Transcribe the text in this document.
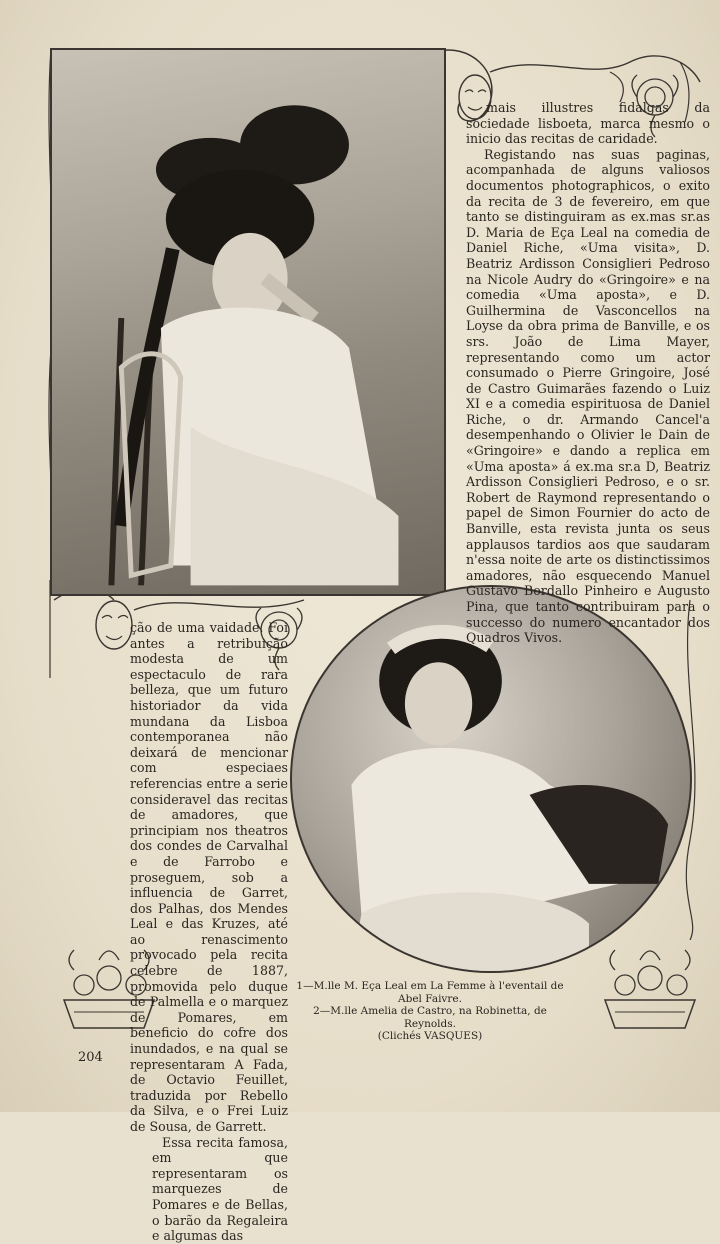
mais illustres fidalgas da sociedade lisboeta, marca mesmo o inicio das recitas de caridade.

Registando nas suas paginas, acompanhada de alguns valiosos documentos photographicos, o exito da recita de 3 de fevereiro, em que tanto se distinguiram as ex.mas sr.as D. Maria de Eça Leal na comedia de Daniel Riche, «Uma visita», D. Beatriz Ardisson Consiglieri Pedroso na Nicole Audry do «Gringoire» e na comedia «Uma aposta», e D. Guilhermina de Vasconcellos na Loyse da obra prima de Banville, e os srs. João de Lima Mayer, representando como um actor consumado o Pierre Gringoire, José de Castro Guimarães fazendo o Luiz XI e a comedia espirituosa de Daniel Riche, o dr. Armando Cancel'a desempenhando o Olivier le Dain de «Gringoire» e dando a replica em «Uma aposta» á ex.ma sr.a D, Beatriz Ardisson Consiglieri Pedroso, e o sr. Robert de Raymond representando o papel de Simon Fournier do acto de Banville, esta revista junta os seus applausos tardios aos que saudaram n'essa noite de arte os distinctissimos amadores, não esquecendo Manuel Gustavo Bordallo Pinheiro e Augusto Pina, que tanto contribuiram para o successo do numero encantador dos Quadros Vivos.

ção de uma vaidade. Foi antes a retribuição modesta de um espectaculo de rara belleza, que um futuro historiador da vida mundana da Lisboa contemporanea não deixará de mencionar com especiaes referencias entre a serie consideravel das recitas de amadores, que principiam nos theatros dos condes de Carvalhal e de Farrobo e proseguem, sob a influencia de Garret, dos Palhas, dos Mendes Leal e das Kruzes, até ao renascimento provocado pela recita celebre de 1887, promovida pelo duque de Palmella e o marquez de Pomares, em beneficio do cofre dos inundados, e na qual se representaram A Fada, de Octavio Feuillet, traduzida por Rebello da Silva, e o Frei Luiz de Sousa, de Garrett.

Essa recita famosa, em que representaram os marquezes de Pomares e de Bellas, o barão da Regaleira e algumas das

1—M.lle M. Eça Leal em La Femme à l'eventail de Abel Faivre.
2—M.lle Amelia de Castro, na Robinetta, de Reynolds.
(Clichés VASQUES)
204
